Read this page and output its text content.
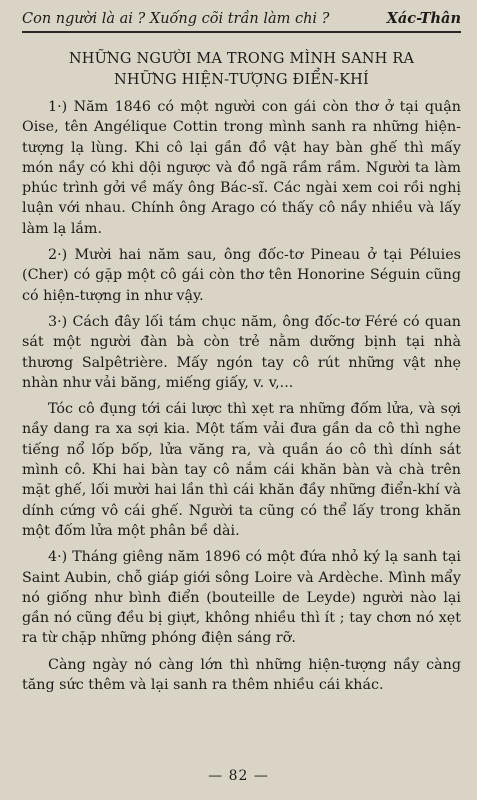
Con người là ai ? Xuống cõi trần làm chi ?	Xác-Thân
NHỮNG NGƯỜI MA TRONG MÌNH SANH RA
NHỮNG HIỆN-TƯỢNG ĐIỂN-KHÍ

1·) Năm 1846 có một người con gái còn thơ ở tại quận Oise, tên Angélique Cottin trong mình sanh ra những hiện-tượng lạ lùng. Khi cô lại gần đồ vật hay bàn ghế thì mấy món nầy có khi dội ngược và đồ ngã rầm rầm. Người ta làm phúc trình gởi về mấy ông Bác-sĩ. Các ngài xem coi rồi nghị luận với nhau. Chính ông Arago có thấy cô nầy nhiều và lấy làm lạ lắm.

2·) Mười hai năm sau, ông đốc-tơ Pineau ở tại Péluies (Cher) có gặp một cô gái còn thơ tên Honorine Séguin cũng có hiện-tượng in như vậy.

3·) Cách đây lối tám chục năm, ông đốc-tơ Féré có quan sát một người đàn bà còn trẻ nằm dưỡng bịnh tại nhà thương Salpêtrière. Mấy ngón tay cô rút những vật nhẹ nhàn như vải băng, miếng giấy, v. v,...

Tóc cô đụng tới cái lược thì xẹt ra những đốm lửa, và sợi nầy dang ra xa sợi kia. Một tấm vải đưa gần da cô thì nghe tiếng nổ lốp bốp, lửa văng ra, và quần áo cô thì dính sát mình cô. Khi hai bàn tay cô nắm cái khăn bàn và chà trên mặt ghế, lối mười hai lần thì cái khăn đầy những điển-khí và dính cứng vô cái ghế. Người ta cũng có thể lấy trong khăn một đốm lửa một phân bề dài.

4·) Tháng giêng năm 1896 có một đứa nhỏ ký lạ sanh tại Saint Aubin, chỗ giáp giới sông Loire và Ardèche. Mình mẩy nó giống như bình điển (bouteille de Leyde) người nào lại gần nó cũng đều bị giựt, không nhiều thì ít ; tay chơn nó xẹt ra từ chặp những phóng điện sáng rỡ.

Càng ngày nó càng lớn thì những hiện-tượng nầy càng tăng sức thêm và lại sanh ra thêm nhiều cái khác.

— 82 —
